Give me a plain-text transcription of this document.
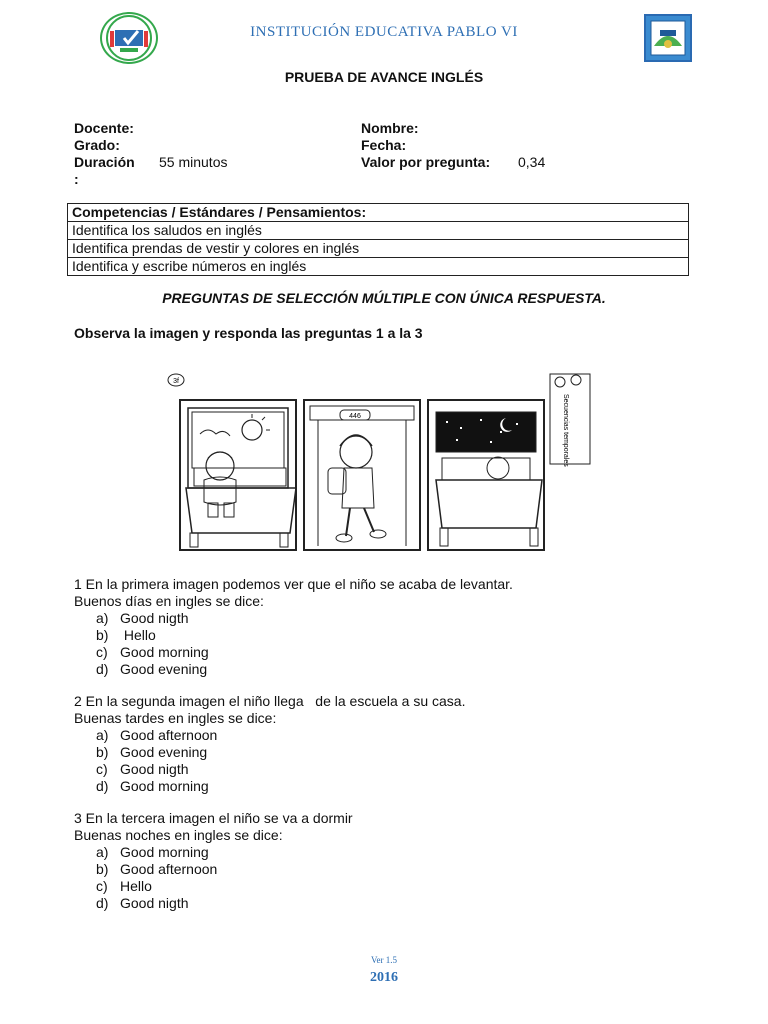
INSTITUCIÓN EDUCATIVA PABLO VI
PRUEBA DE AVANCE INGLÉS
Docente:
Grado:
Duración
:
55 minutos
Nombre:
Fecha:
Valor por pregunta: 0,34
Competencias / Estándares / Pensamientos:
Identifica los saludos en inglés
Identifica prendas de vestir y colores en inglés
Identifica y escribe números en inglés
PREGUNTAS DE SELECCIÓN MÚLTIPLE CON ÚNICA RESPUESTA.
Observa la imagen y responda las preguntas 1 a la 3
3f
446	Secuencias temporales
1 En la primera imagen podemos ver que el niño se acaba de levantar.
Buenos días en ingles se dice:
a) Good nigth
b) Hello
c) Good morning
d) Good evening
2 En la segunda imagen el niño llega   de la escuela a su casa.
Buenas tardes en ingles se dice:
a) Good afternoon
b) Good evening
c) Good nigth
d) Good morning
3 En la tercera imagen el niño se va a dormir
Buenas noches en ingles se dice:
a) Good morning
b) Good afternoon
c) Hello
d) Good nigth
Ver 1.5
2016
